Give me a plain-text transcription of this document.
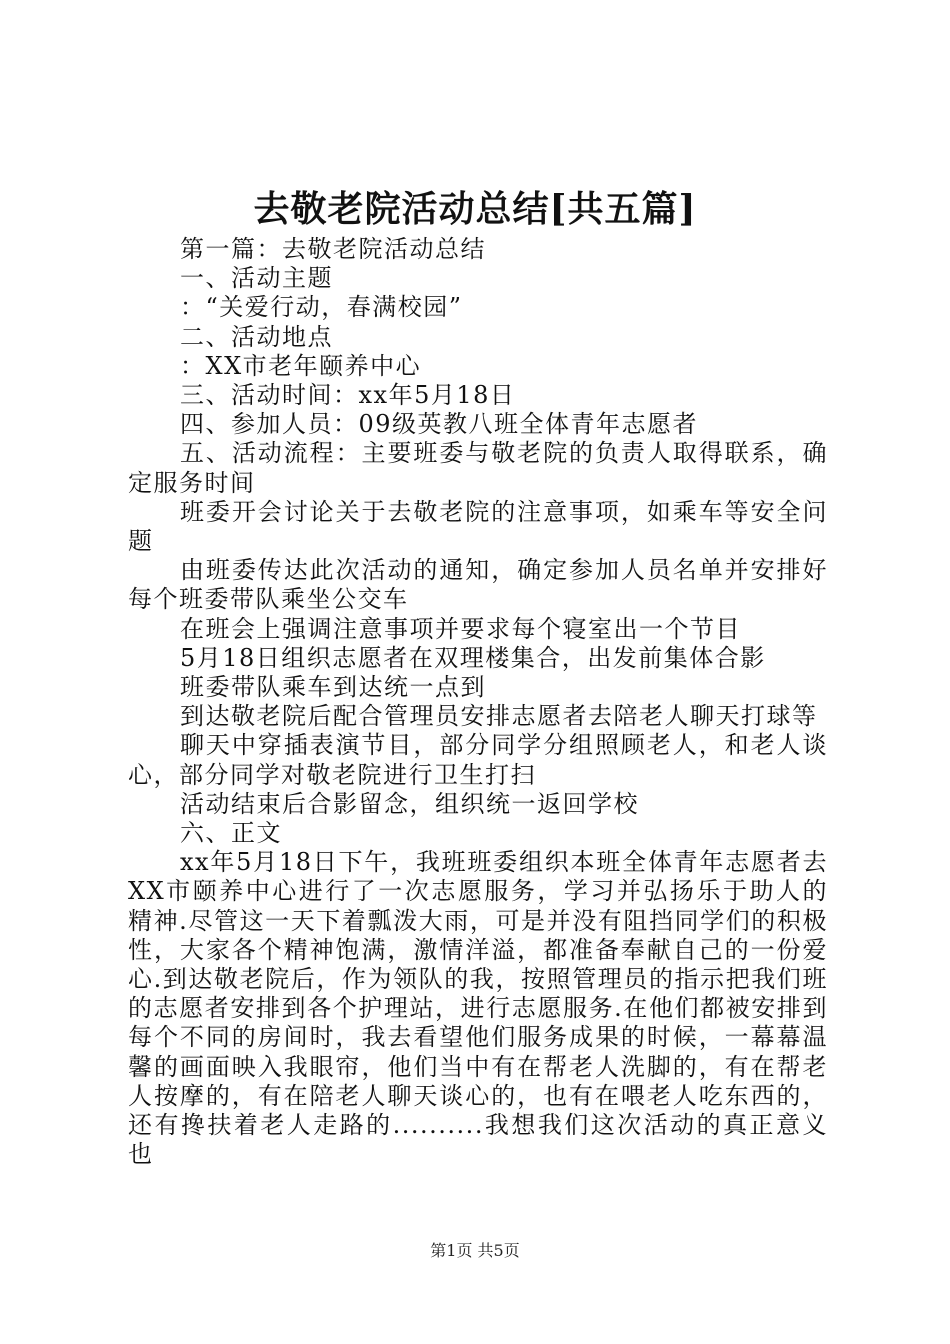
去敬老院活动总结[共五篇]

第一篇：去敬老院活动总结

一、活动主题

：“关爱行动，春满校园”

二、活动地点

：XX市老年颐养中心

三、活动时间：xx年5月18日

四、参加人员：09级英教八班全体青年志愿者

五、活动流程：主要班委与敬老院的负责人取得联系，确定服务时间

班委开会讨论关于去敬老院的注意事项，如乘车等安全问题

由班委传达此次活动的通知，确定参加人员名单并安排好每个班委带队乘坐公交车

在班会上强调注意事项并要求每个寝室出一个节目

5月18日组织志愿者在双理楼集合，出发前集体合影

班委带队乘车到达统一点到

到达敬老院后配合管理员安排志愿者去陪老人聊天打球等

聊天中穿插表演节目，部分同学分组照顾老人，和老人谈心，部分同学对敬老院进行卫生打扫

活动结束后合影留念，组织统一返回学校

六、正文

xx年5月18日下午，我班班委组织本班全体青年志愿者去XX市颐养中心进行了一次志愿服务，学习并弘扬乐于助人的精神.尽管这一天下着瓢泼大雨，可是并没有阻挡同学们的积极性，大家各个精神饱满，激情洋溢，都准备奉献自己的一份爱心.到达敬老院后，作为领队的我，按照管理员的指示把我们班的志愿者安排到各个护理站，进行志愿服务.在他们都被安排到每个不同的房间时，我去看望他们服务成果的时候，一幕幕温馨的画面映入我眼帘，他们当中有在帮老人洗脚的，有在帮老人按摩的，有在陪老人聊天谈心的，也有在喂老人吃东西的，还有搀扶着老人走路的..........我想我们这次活动的真正意义也

第1页 共5页
